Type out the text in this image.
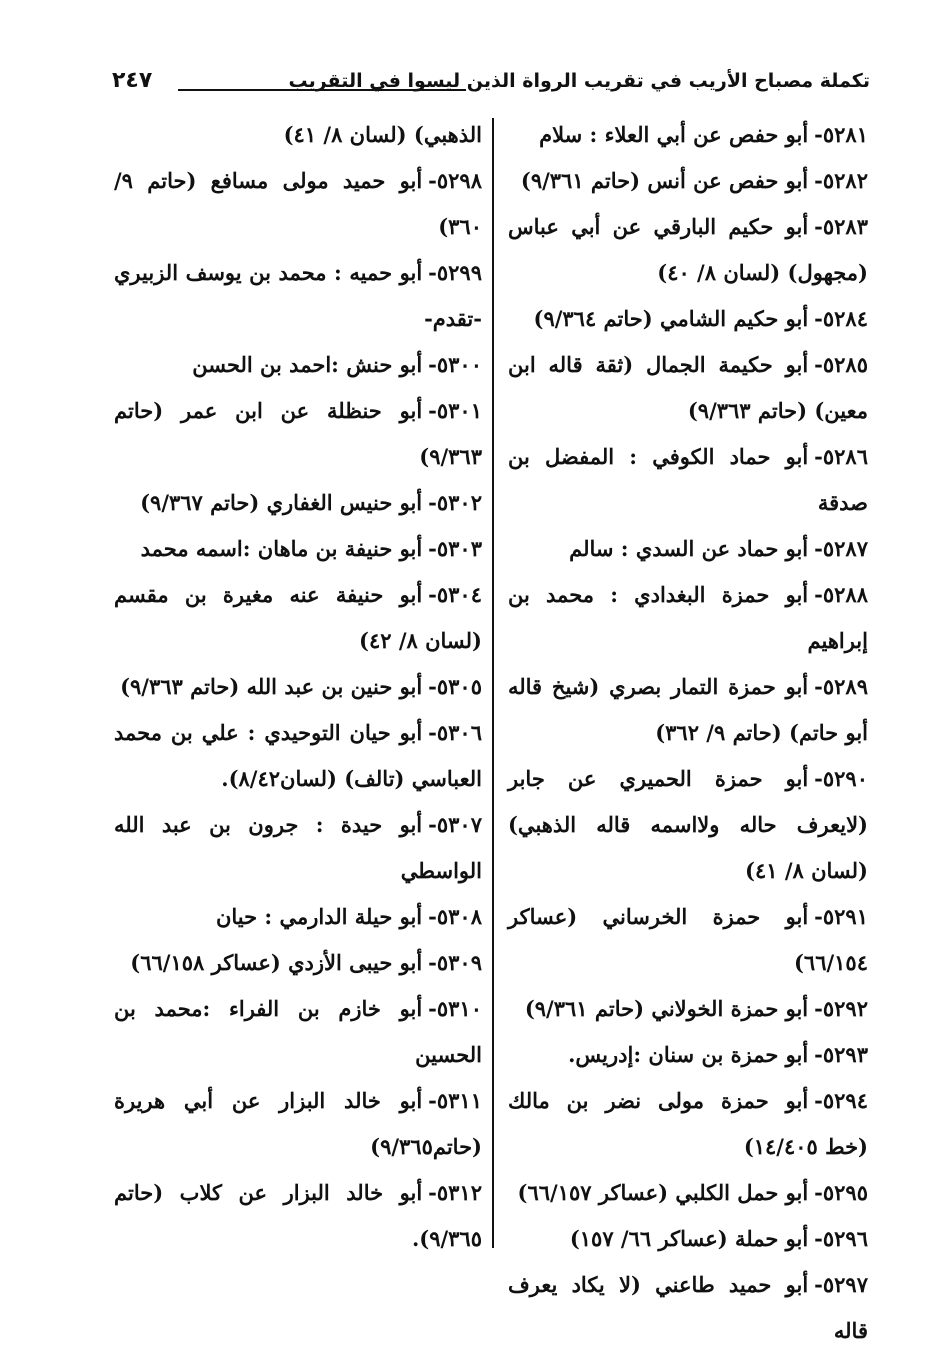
تكملة مصباح الأريب في تقريب الرواة الذين ليسوا في التقريب
٢٤٧
٥٢٨١-أبو حفص عن أبي العلاء : سلام
٥٢٨٢-أبو حفص عن أنس (حاتم ٩/٣٦١)
٥٢٨٣-أبو حكيم البارقي عن أبي عباس (مجهول) (لسان ٨/ ٤٠)
٥٢٨٤-أبو حكيم الشامي (حاتم ٩/٣٦٤)
٥٢٨٥-أبو حكيمة الجمال (ثقة قاله ابن معين) (حاتم ٩/٣٦٣)
٥٢٨٦-أبو حماد الكوفي : المفضل بن صدقة
٥٢٨٧-أبو حماد عن السدي : سالم
٥٢٨٨-أبو حمزة البغدادي : محمد بن إبراهيم
٥٢٨٩-أبو حمزة التمار بصري (شيخ قاله أبو حاتم) (حاتم ٩/ ٣٦٢)
٥٢٩٠-أبو حمزة الحميري عن جابر (لايعرف حاله ولااسمه قاله الذهبي) (لسان ٨/ ٤١)
٥٢٩١-أبو حمزة الخرساني (عساكر ٦٦/١٥٤)
٥٢٩٢-أبو حمزة الخولاني (حاتم ٩/٣٦١)
٥٢٩٣-أبو حمزة بن سنان :إدريس.
٥٢٩٤-أبو حمزة مولى نضر بن مالك (خط ١٤/٤٠٥)
٥٢٩٥-أبو حمل الكلبي (عساكر ٦٦/١٥٧)
٥٢٩٦-أبو حملة (عساكر ٦٦/ ١٥٧)
٥٢٩٧-أبو حميد طاعني (لا يكاد يعرف قاله
الذهبي) (لسان ٨/ ٤١)
٥٢٩٨-أبو حميد مولى مسافع (حاتم ٩/ ٣٦٠)
٥٢٩٩-أبو حميه : محمد بن يوسف الزبيري -تقدم-
٥٣٠٠-أبو حنش :احمد بن الحسن
٥٣٠١-أبو حنظلة عن ابن عمر (حاتم ٩/٣٦٣)
٥٣٠٢-أبو حنيس الغفاري (حاتم ٩/٣٦٧)
٥٣٠٣-أبو حنيفة بن ماهان :اسمه محمد
٥٣٠٤-أبو حنيفة عنه مغيرة بن مقسم (لسان ٨/ ٤٢)
٥٣٠٥-أبو حنين بن عبد الله (حاتم ٩/٣٦٣)
٥٣٠٦-أبو حيان التوحيدي : علي بن محمد العباسي (تالف) (لسان٨/٤٢).
٥٣٠٧-أبو حيدة : جرون بن عبد الله الواسطي
٥٣٠٨-أبو حيلة الدارمي : حيان
٥٣٠٩-أبو حيبى الأزدي (عساكر ٦٦/١٥٨)
٥٣١٠-أبو خازم بن الفراء :محمد بن الحسين
٥٣١١-أبو خالد البزار عن أبي هريرة (حاتم٩/٣٦٥)
٥٣١٢-أبو خالد البزار عن كلاب (حاتم ٩/٣٦٥).
